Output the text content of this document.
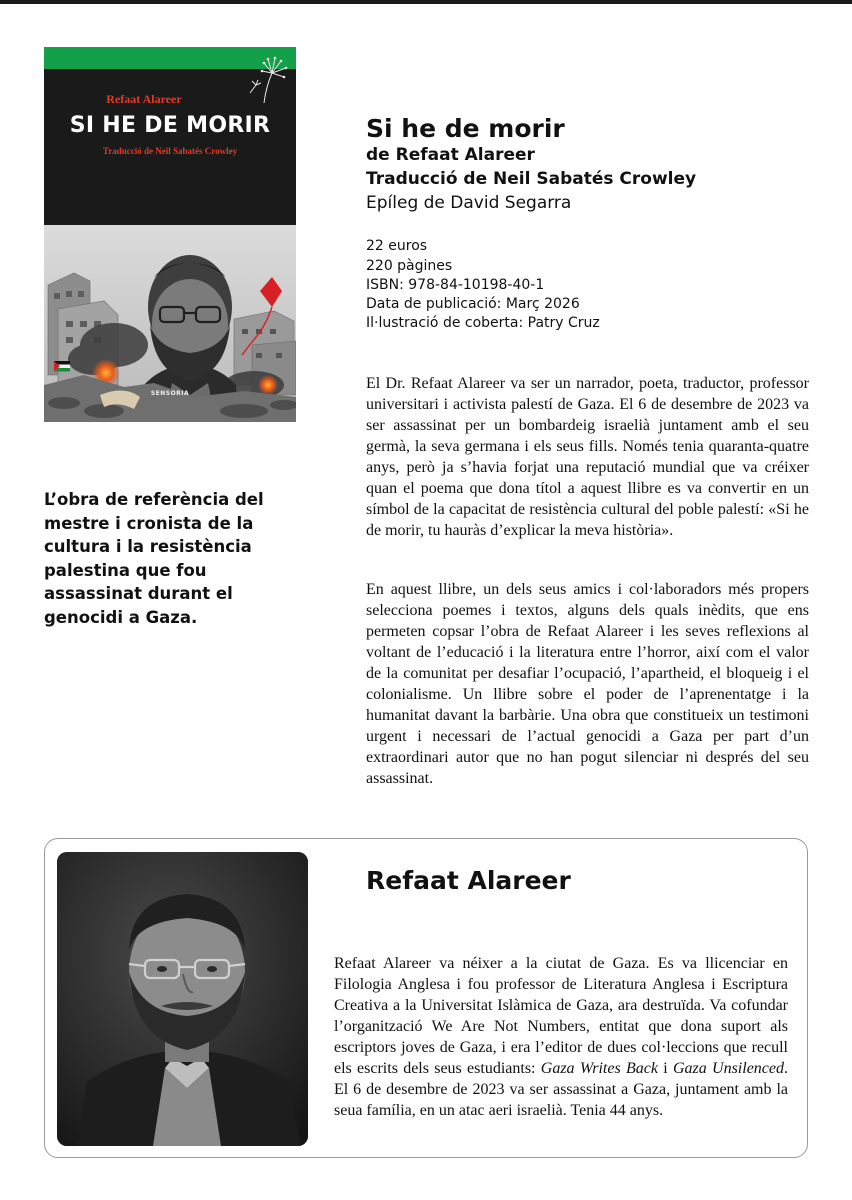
Refaat Alareer
SI HE DE MORIR
Traducció de Neil Sabatés Crowley
SENSORIA
Si he de morir
de Refaat Alareer
Traducció de Neil Sabatés Crowley
Epíleg de David Segarra
22 euros
220 pàgines
ISBN: 978-84-10198-40-1
Data de publicació: Març 2026
Il·lustració de coberta: Patry Cruz
L’obra de referència del mestre i cronista de la cultura i la resistència palestina que fou assassinat durant el genocidi a Gaza.

El Dr. Refaat Alareer va ser un narrador, poeta, traductor, professor universitari i activista palestí de Gaza. El 6 de desembre de 2023 va ser assassinat per un bombardeig israelià juntament amb el seu germà, la seva germana i els seus fills. Només tenia quaranta-quatre anys, però ja s’havia forjat una reputació mundial que va créixer quan el poema que dona títol a aquest llibre es va convertir en un símbol de la capacitat de resistència cultural del poble palestí: «Si he de morir, tu hauràs d’explicar la meva història».

En aquest llibre, un dels seus amics i col·laboradors més propers selecciona poemes i textos, alguns dels quals inèdits, que ens permeten copsar l’obra de Refaat Alareer i les seves reflexions al voltant de l’educació i la literatura entre l’horror, així com el valor de la comunitat per desafiar l’ocupació, l’apartheid, el bloqueig i el colonialisme. Un llibre sobre el poder de l’aprenentatge i la humanitat davant la barbàrie. Una obra que constitueix un testimoni urgent i necessari de l’actual genocidi a Gaza per part d’un extraordinari autor que no han pogut silenciar ni després del seu assassinat.

Refaat Alareer

Refaat Alareer va néixer a la ciutat de Gaza. Es va llicenciar en Filologia Anglesa i fou professor de Literatura Anglesa i Escriptura Creativa a la Universitat Islàmica de Gaza, ara destruïda. Va cofundar l’organització We Are Not Numbers, entitat que dona suport als escriptors joves de Gaza, i era l’editor de dues col·leccions que recull els escrits dels seus estudiants: Gaza Writes Back i Gaza Unsilenced. El 6 de desembre de 2023 va ser assassinat a Gaza, juntament amb la seua família, en un atac aeri israelià. Tenia 44 anys.
